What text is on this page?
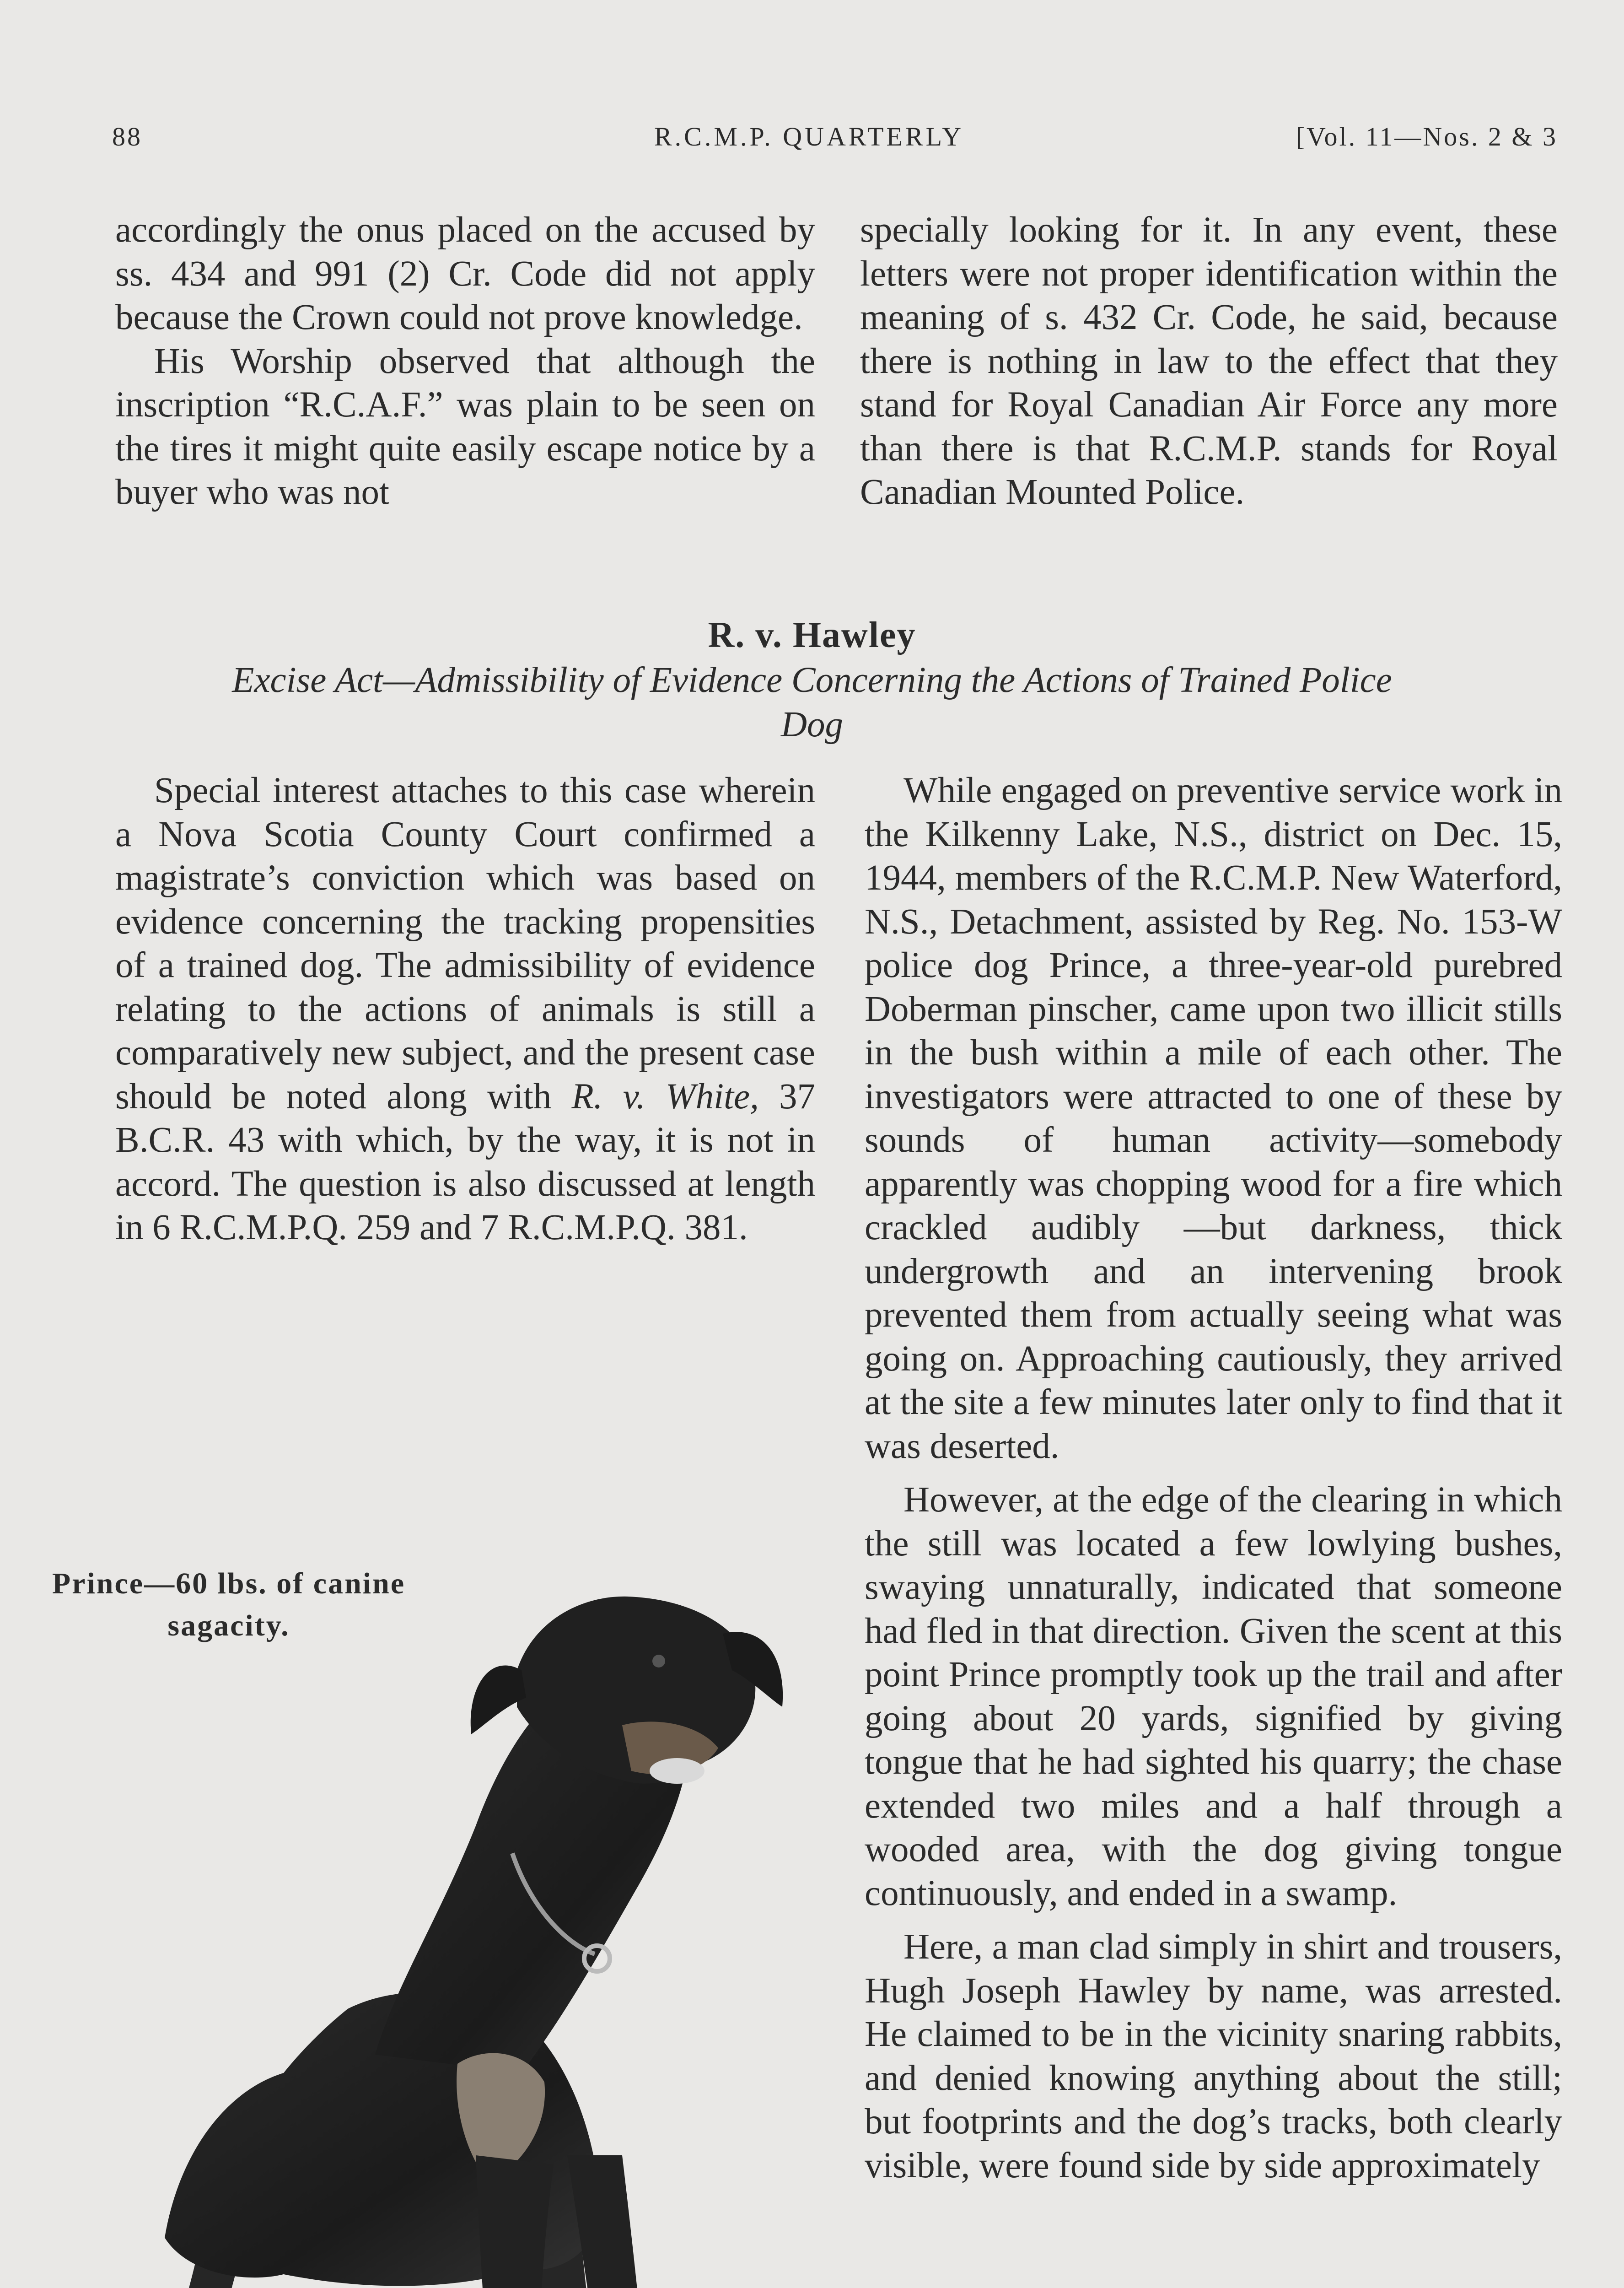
88	R.C.M.P. QUARTERLY	[Vol. 11—Nos. 2 & 3

accordingly the onus placed on the accused by ss. 434 and 991 (2) Cr. Code did not apply because the Crown could not prove knowledge.

His Worship observed that although the inscription “R.C.A.F.” was plain to be seen on the tires it might quite easily escape notice by a buyer who was not

specially looking for it. In any event, these letters were not proper identification within the meaning of s. 432 Cr. Code, he said, because there is nothing in law to the effect that they stand for Royal Canadian Air Force any more than there is that R.C.M.P. stands for Royal Canadian Mounted Police.

R. v. Hawley
Excise Act—Admissibility of Evidence Concerning the Actions of Trained Police Dog

Special interest attaches to this case wherein a Nova Scotia County Court confirmed a magistrate’s conviction which was based on evidence concerning the tracking propensities of a trained dog. The admissibility of evidence relating to the actions of animals is still a comparatively new subject, and the present case should be noted along with R. v. White, 37 B.C.R. 43 with which, by the way, it is not in accord. The question is also discussed at length in 6 R.C.M.P.Q. 259 and 7 R.C.M.P.Q. 381.

Prince—60 lbs. of canine sagacity.

While engaged on preventive service work in the Kilkenny Lake, N.S., district on Dec. 15, 1944, members of the R.C.M.P. New Waterford, N.S., Detachment, assisted by Reg. No. 153-W police dog Prince, a three-year-old purebred Doberman pinscher, came upon two illicit stills in the bush within a mile of each other. The investigators were attracted to one of these by sounds of human activity—somebody apparently was chopping wood for a fire which crackled audibly —but darkness, thick undergrowth and an intervening brook prevented them from actually seeing what was going on. Approaching cautiously, they arrived at the site a few minutes later only to find that it was deserted.

However, at the edge of the clearing in which the still was located a few lowlying bushes, swaying unnaturally, indicated that someone had fled in that direction. Given the scent at this point Prince promptly took up the trail and after going about 20 yards, signified by giving tongue that he had sighted his quarry; the chase extended two miles and a half through a wooded area, with the dog giving tongue continuously, and ended in a swamp.

Here, a man clad simply in shirt and trousers, Hugh Joseph Hawley by name, was arrested. He claimed to be in the vicinity snaring rabbits, and denied knowing anything about the still; but footprints and the dog’s tracks, both clearly visible, were found side by side approximately
